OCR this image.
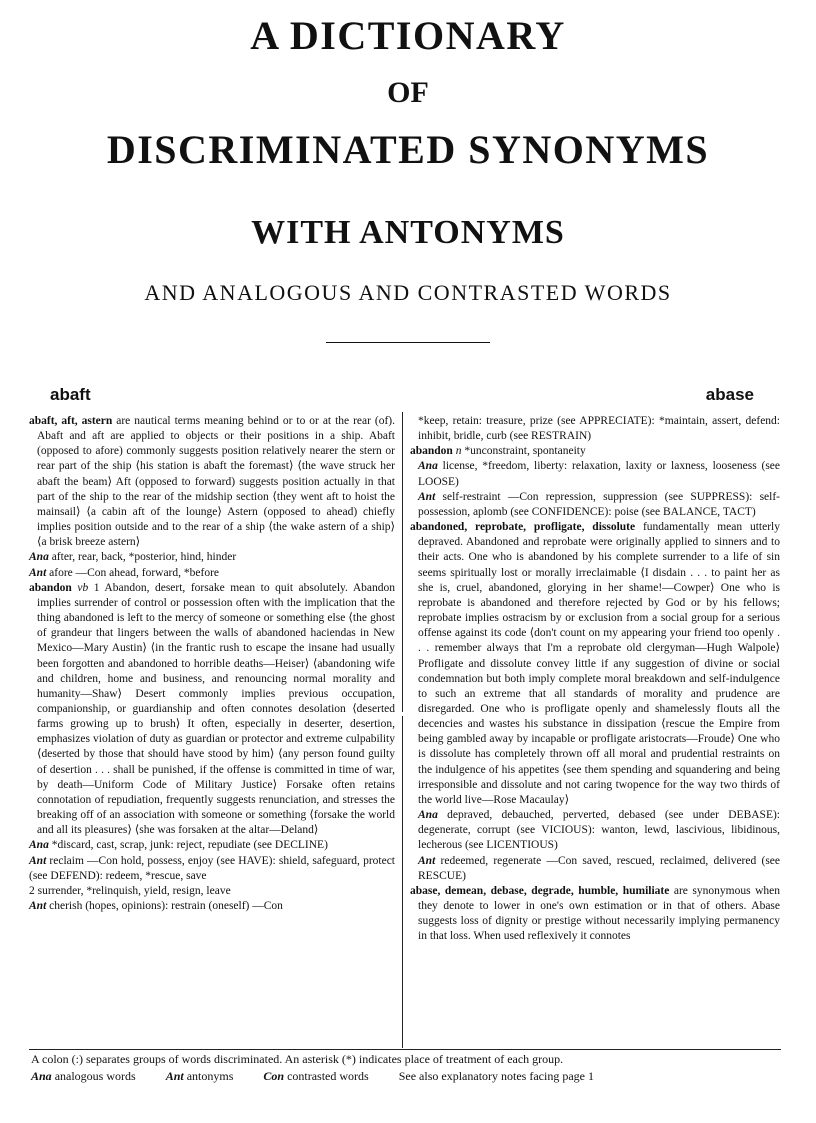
A DICTIONARY
OF
DISCRIMINATED SYNONYMS
WITH ANTONYMS
AND ANALOGOUS AND CONTRASTED WORDS
abaft	abase
abaft, aft, astern are nautical terms meaning behind or to or at the rear (of). Abaft and aft are applied to objects or their positions in a ship. Abaft (opposed to afore) commonly suggests position relatively nearer the stern or rear part of the ship ⟨his station is abaft the foremast⟩ ⟨the wave struck her abaft the beam⟩ Aft (opposed to forward) suggests position actually in that part of the ship to the rear of the midship section ⟨they went aft to hoist the mainsail⟩ ⟨a cabin aft of the lounge⟩ Astern (opposed to ahead) chiefly implies position outside and to the rear of a ship ⟨the wake astern of a ship⟩ ⟨a brisk breeze astern⟩
Ana after, rear, back, *posterior, hind, hinder
Ant afore —Con ahead, forward, *before
abandon vb 1 Abandon, desert, forsake mean to quit absolutely. Abandon implies surrender of control or possession often with the implication that the thing abandoned is left to the mercy of someone or something else ⟨the ghost of grandeur that lingers between the walls of abandoned haciendas in New Mexico—Mary Austin⟩ ⟨in the frantic rush to escape the insane had usually been forgotten and abandoned to horrible deaths—Heiser⟩ ⟨abandoning wife and children, home and business, and renouncing normal morality and humanity—Shaw⟩ Desert commonly implies previous occupation, companionship, or guardianship and often connotes desolation ⟨deserted farms growing up to brush⟩ It often, especially in deserter, desertion, emphasizes violation of duty as guardian or protector and extreme culpability ⟨deserted by those that should have stood by him⟩ ⟨any person found guilty of desertion . . . shall be punished, if the offense is committed in time of war, by death—Uniform Code of Military Justice⟩ Forsake often retains connotation of repudiation, frequently suggests renunciation, and stresses the breaking off of an association with someone or something ⟨forsake the world and all its pleasures⟩ ⟨she was forsaken at the altar—Deland⟩
Ana *discard, cast, scrap, junk: reject, repudiate (see DECLINE)
Ant reclaim —Con hold, possess, enjoy (see HAVE): shield, safeguard, protect (see DEFEND): redeem, *rescue, save
2 surrender, *relinquish, yield, resign, leave
Ant cherish (hopes, opinions): restrain (oneself) —Con
*keep, retain: treasure, prize (see APPRECIATE): *maintain, assert, defend: inhibit, bridle, curb (see RESTRAIN)
abandon n *unconstraint, spontaneity
Ana license, *freedom, liberty: relaxation, laxity or laxness, looseness (see LOOSE)
Ant self-restraint —Con repression, suppression (see SUPPRESS): self-possession, aplomb (see CONFIDENCE): poise (see BALANCE, TACT)
abandoned, reprobate, profligate, dissolute fundamentally mean utterly depraved. Abandoned and reprobate were originally applied to sinners and to their acts. One who is abandoned by his complete surrender to a life of sin seems spiritually lost or morally irreclaimable ⟨I disdain . . . to paint her as she is, cruel, abandoned, glorying in her shame!—Cowper⟩ One who is reprobate is abandoned and therefore rejected by God or by his fellows; reprobate implies ostracism by or exclusion from a social group for a serious offense against its code ⟨don't count on my appearing your friend too openly . . . remember always that I'm a reprobate old clergyman—Hugh Walpole⟩ Profligate and dissolute convey little if any suggestion of divine or social condemnation but both imply complete moral breakdown and self-indulgence to such an extreme that all standards of morality and prudence are disregarded. One who is profligate openly and shamelessly flouts all the decencies and wastes his substance in dissipation ⟨rescue the Empire from being gambled away by incapable or profligate aristocrats—Froude⟩ One who is dissolute has completely thrown off all moral and prudential restraints on the indulgence of his appetites ⟨see them spending and squandering and being irresponsible and dissolute and not caring twopence for the way two thirds of the world live—Rose Macaulay⟩
Ana depraved, debauched, perverted, debased (see under DEBASE): degenerate, corrupt (see VICIOUS): wanton, lewd, lascivious, libidinous, lecherous (see LICENTIOUS)
Ant redeemed, regenerate —Con saved, rescued, reclaimed, delivered (see RESCUE)
abase, demean, debase, degrade, humble, humiliate are synonymous when they denote to lower in one's own estimation or in that of others. Abase suggests loss of dignity or prestige without necessarily implying permanency in that loss. When used reflexively it connotes
A colon (:) separates groups of words discriminated. An asterisk (*) indicates place of treatment of each group.
Ana analogous words	Ant antonyms	Con contrasted words	See also explanatory notes facing page 1
